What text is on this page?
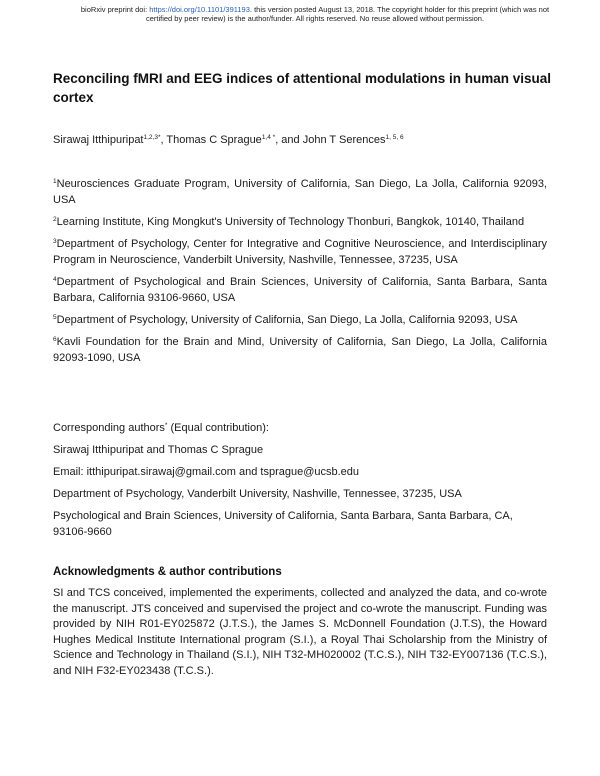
bioRxiv preprint doi: https://doi.org/10.1101/391193. this version posted August 13, 2018. The copyright holder for this preprint (which was not
certified by peer review) is the author/funder. All rights reserved. No reuse allowed without permission.
Reconciling fMRI and EEG indices of attentional modulations in human visual cortex
Sirawaj Itthipuripat$^{1,2,3*}$, Thomas C Sprague$^{1,4 *}$, and John T Serences$^{1, 5, 6}$

$^1$Neurosciences Graduate Program, University of California, San Diego, La Jolla, California 92093, USA

$^2$Learning Institute, King Mongkut's University of Technology Thonburi, Bangkok, 10140, Thailand

$^3$Department of Psychology, Center for Integrative and Cognitive Neuroscience, and Interdisciplinary Program in Neuroscience, Vanderbilt University, Nashville, Tennessee, 37235, USA

$^4$Department of Psychological and Brain Sciences, University of California, Santa Barbara, Santa Barbara, California 93106-9660, USA

$^5$Department of Psychology, University of California, San Diego, La Jolla, California 92093, USA

$^6$Kavli Foundation for the Brain and Mind, University of California, San Diego, La Jolla, California 92093-1090, USA

Corresponding authors* (Equal contribution):

Sirawaj Itthipuripat and Thomas C Sprague

Email: itthipuripat.sirawaj@gmail.com and tsprague@ucsb.edu

Department of Psychology, Vanderbilt University, Nashville, Tennessee, 37235, USA

Psychological and Brain Sciences, University of California, Santa Barbara, Santa Barbara, CA, 93106-9660

Acknowledgments & author contributions

SI and TCS conceived, implemented the experiments, collected and analyzed the data, and co-wrote the manuscript. JTS conceived and supervised the project and co-wrote the manuscript. Funding was provided by NIH R01-EY025872 (J.T.S.), the James S. McDonnell Foundation (J.T.S), the Howard Hughes Medical Institute International program (S.I.), a Royal Thai Scholarship from the Ministry of Science and Technology in Thailand (S.I.), NIH T32-MH020002 (T.C.S.), NIH T32-EY007136 (T.C.S.), and NIH F32-EY023438 (T.C.S.).
